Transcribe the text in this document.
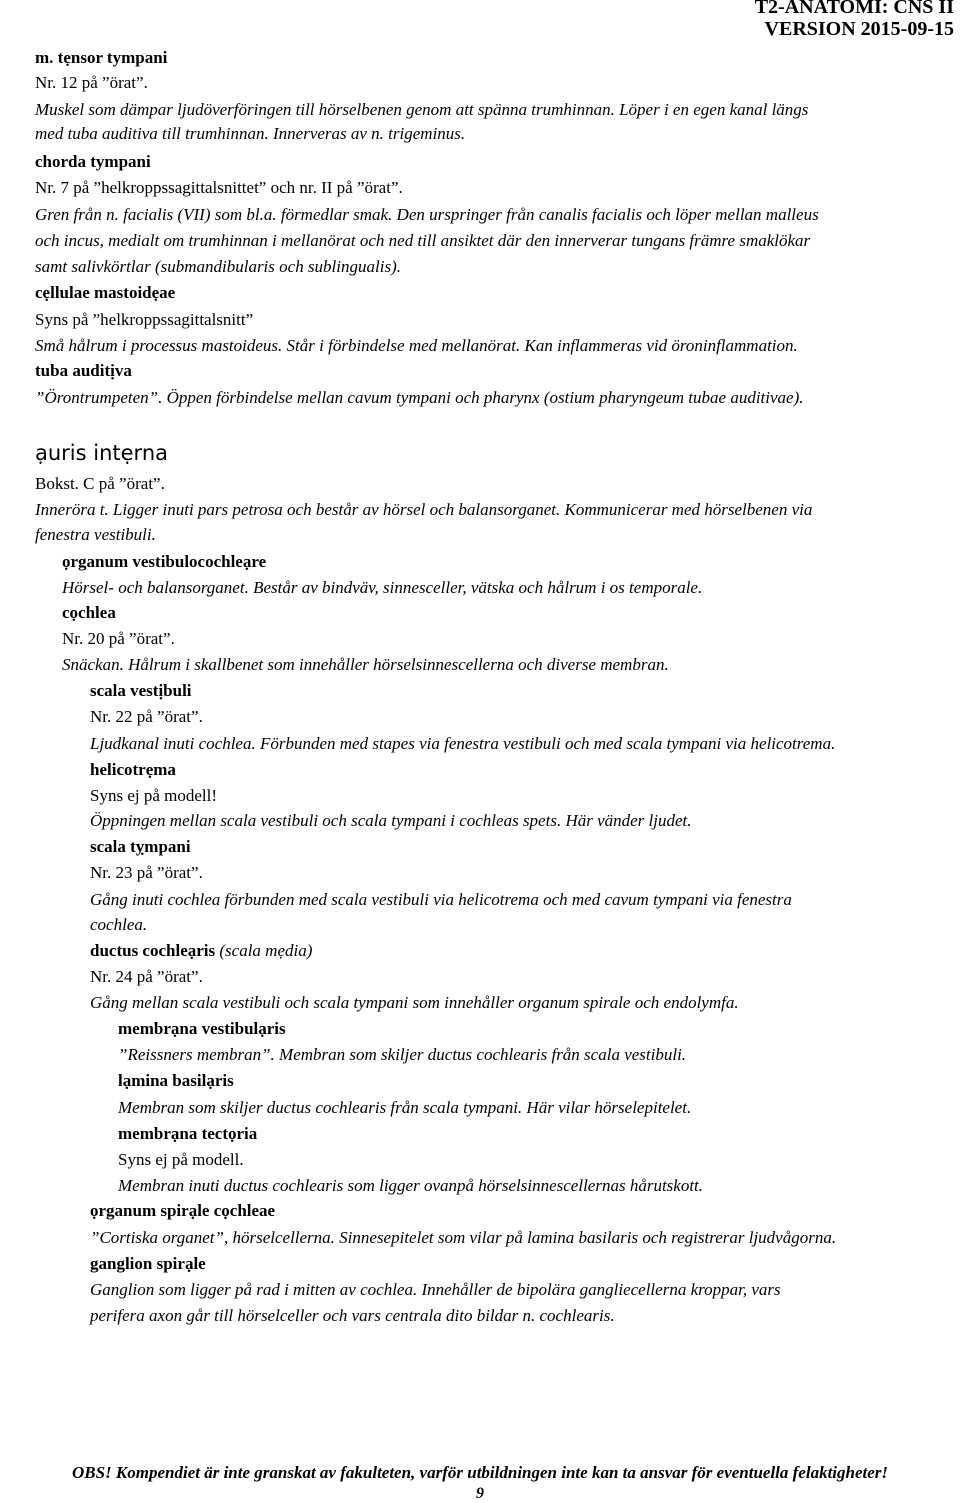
T2-ANATOMI: CNS II
VERSION 2015-09-15
m. tẹnsor tympani
Nr. 12 på ”örat”.
Muskel som dämpar ljudöverföringen till hörselbenen genom att spänna trumhinnan. Löper i en egen kanal längs
med tuba auditiva till trumhinnan. Innerveras av n. trigeminus.
chorda tympani
Nr. 7 på ”helkroppssagittalsnittet” och nr. II på ”örat”.
Gren från n. facialis (VII) som bl.a. förmedlar smak. Den urspringer från canalis facialis och löper mellan malleus
och incus, medialt om trumhinnan i mellanörat och ned till ansiktet där den innerverar tungans främre smaklökar
samt salivkörtlar (submandibularis och sublingualis).
cẹllulae mastoidẹae
Syns på ”helkroppssagittalsnitt”
Små hålrum i processus mastoideus. Står i förbindelse med mellanörat. Kan inflammeras vid öroninflammation.
tuba auditịva
”Örontrumpeten”. Öppen förbindelse mellan cavum tympani och pharynx (ostium pharyngeum tubae auditivae).
ạuris intẹrna
Bokst. C på ”örat”.
Inneröra t. Ligger inuti pars petrosa och består av hörsel och balansorganet. Kommunicerar med hörselbenen via
fenestra vestibuli.
ọrganum vestibulocochleạre
Hörsel- och balansorganet. Består av bindväv, sinnesceller, vätska och hålrum i os temporale.
cọchlea
Nr. 20 på ”örat”.
Snäckan. Hålrum i skallbenet som innehåller hörselsinnescellerna och diverse membran.
scala vestịbuli
Nr. 22 på ”örat”.
Ljudkanal inuti cochlea. Förbunden med stapes via fenestra vestibuli och med scala tympani via helicotrema.
helicotrẹma
Syns ej på modell!
Öppningen mellan scala vestibuli och scala tympani i cochleas spets. Här vänder ljudet.
scala tỵmpani
Nr. 23 på ”örat”.
Gång inuti cochlea förbunden med scala vestibuli via helicotrema och med cavum tympani via fenestra
cochlea.
ductus cochleạris (scala mẹdia)
Nr. 24 på ”örat”.
Gång mellan scala vestibuli och scala tympani som innehåller organum spirale och endolymfa.
membrạna vestibulạris
”Reissners membran”. Membran som skiljer ductus cochlearis från scala vestibuli.
lạmina basilạris
Membran som skiljer ductus cochlearis från scala tympani. Här vilar hörselepitelet.
membrạna tectọria
Syns ej på modell.
Membran inuti ductus cochlearis som ligger ovanpå hörselsinnescellernas hårutskott.
ọrganum spirạle cọchleae
”Cortiska organet”, hörselcellerna. Sinnesepitelet som vilar på lamina basilaris och registrerar ljudvågorna.
ganglion spirạle
Ganglion som ligger på rad i mitten av cochlea. Innehåller de bipolära gangliecellerna kroppar, vars
perifera axon går till hörselceller och vars centrala dito bildar n. cochlearis.
OBS! Kompendiet är inte granskat av fakulteten, varför utbildningen inte kan ta ansvar för eventuella felaktigheter!
9
